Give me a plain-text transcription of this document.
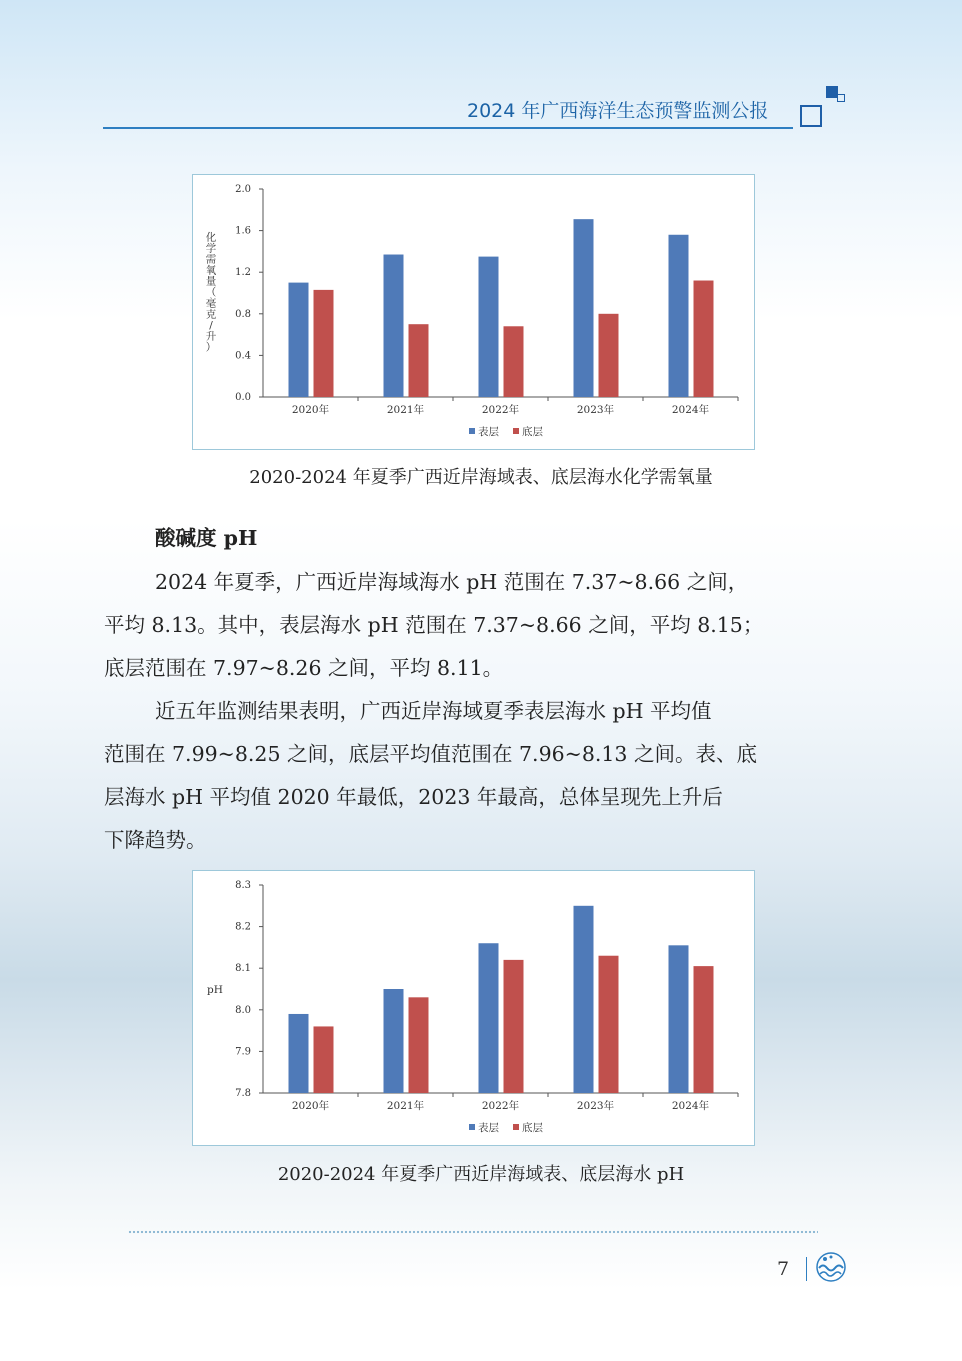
2024 年广西海洋生态预警监测公报
0.0
0.4
0.8
1.2
1.6
2.0
2020年	2021年	2022年	2023年	2024年
化
学
需
氧
量
（
毫
克
/
升
）
表层 底层
2020-2024 年夏季广西近岸海域表、底层海水化学需氧量
酸碱度 pH
2024 年夏季，广西近岸海域海水 pH 范围在 7.37~8.66 之间，
平均 8.13。其中，表层海水 pH 范围在 7.37~8.66 之间，平均 8.15；
底层范围在 7.97~8.26 之间，平均 8.11。
近五年监测结果表明，广西近岸海域夏季表层海水 pH 平均值
范围在 7.99~8.25 之间，底层平均值范围在 7.96~8.13 之间。表、底
层海水 pH 平均值 2020 年最低，2023 年最高，总体呈现先上升后
下降趋势。
7.8
7.9
8.0
8.1
8.2
8.3
2020年	2021年	2022年	2023年	2024年
pH
表层 底层
2020-2024 年夏季广西近岸海域表、底层海水 pH
7
